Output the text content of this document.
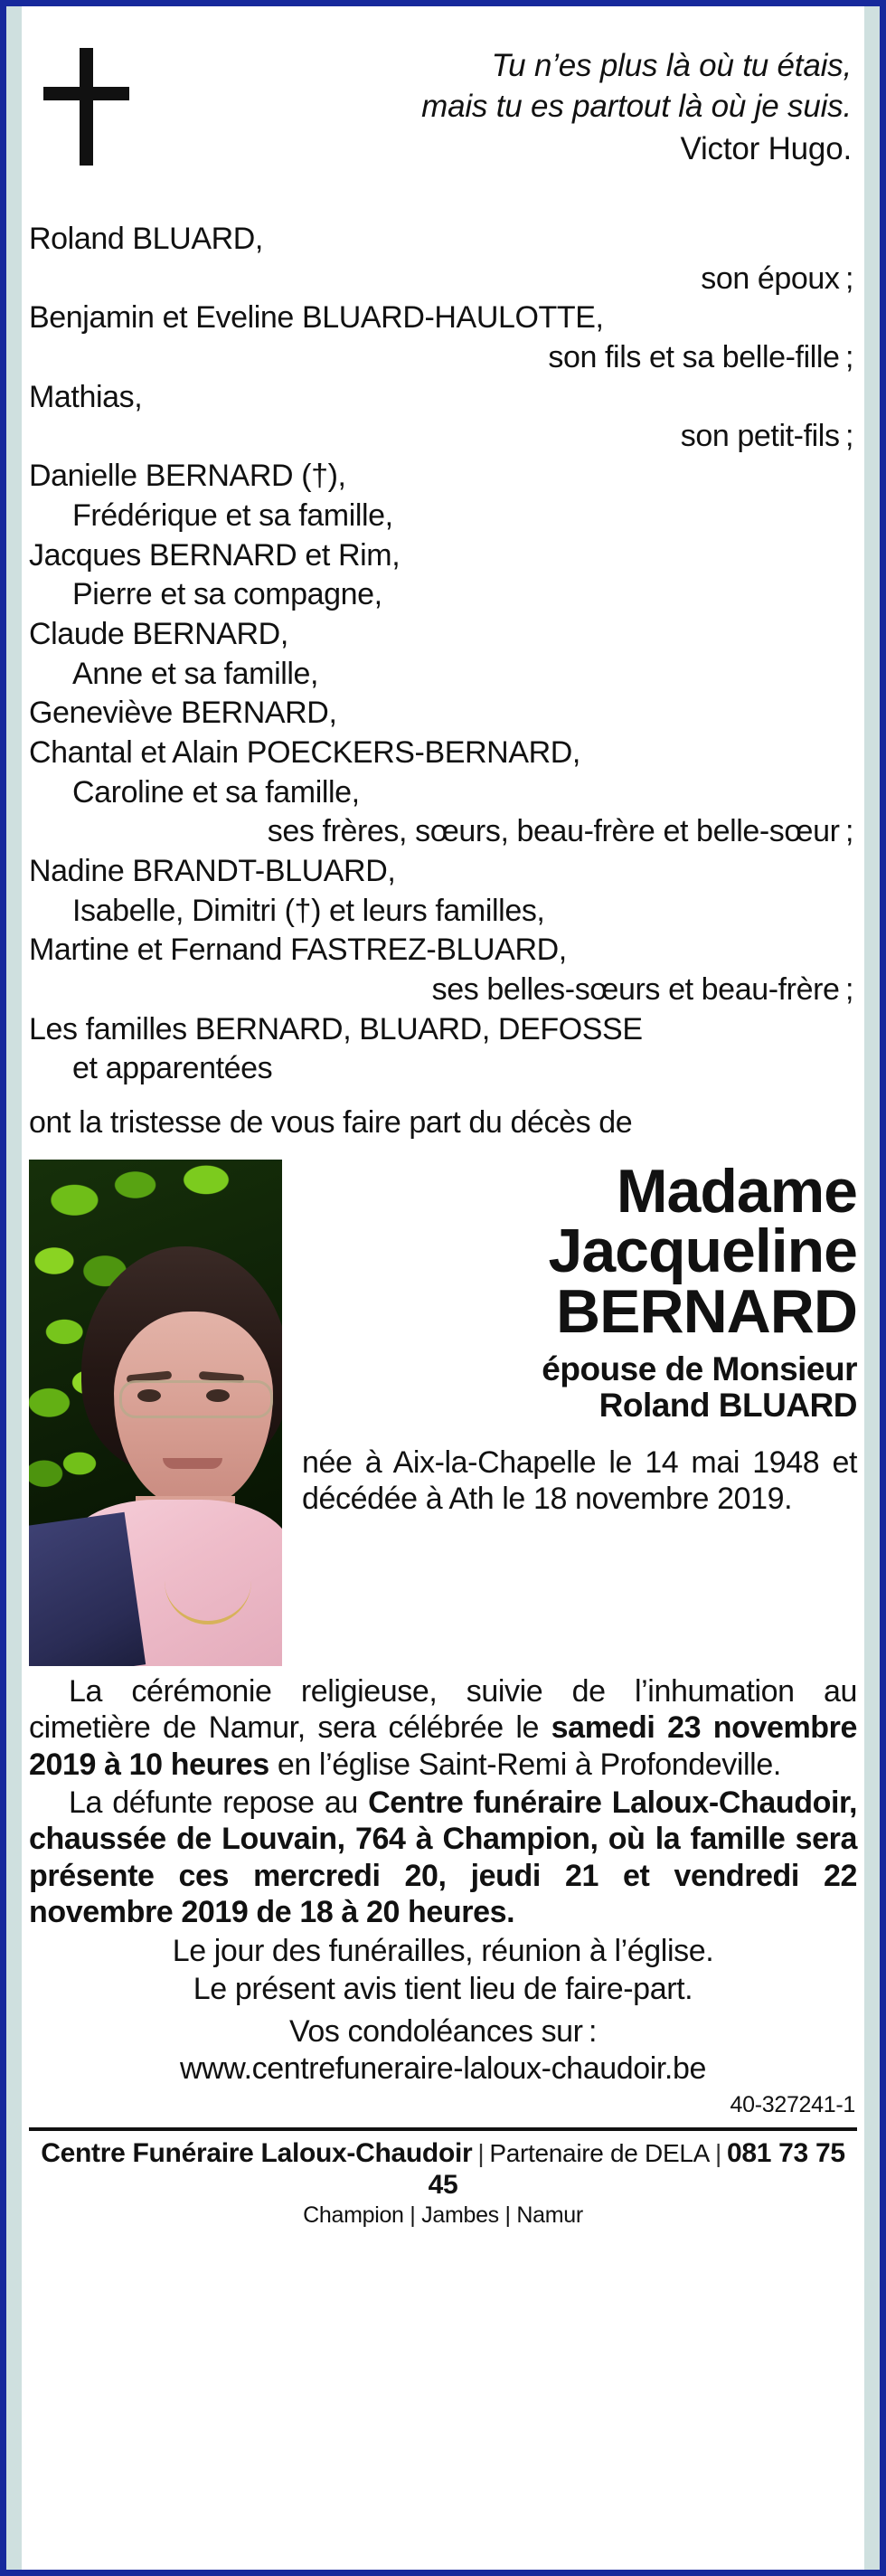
Tu n’es plus là où tu étais,
mais tu es partout là où je suis.
Victor Hugo.
Roland BLUARD,
son époux ;
Benjamin et Eveline BLUARD-HAULOTTE,
son fils et sa belle-fille ;
Mathias,
son petit-fils ;
Danielle BERNARD (†),
Frédérique et sa famille,
Jacques BERNARD et Rim,
Pierre et sa compagne,
Claude BERNARD,
Anne et sa famille,
Geneviève BERNARD,
Chantal et Alain POECKERS-BERNARD,
Caroline et sa famille,
ses frères, sœurs, beau-frère et belle-sœur ;
Nadine BRANDT-BLUARD,
Isabelle, Dimitri (†) et leurs familles,
Martine et Fernand FASTREZ-BLUARD,
ses belles-sœurs et beau-frère ;
Les familles BERNARD, BLUARD, DEFOSSE
et apparentées
ont la tristesse de vous faire part du décès de
Madame
Jacqueline
BERNARD
épouse de Monsieur
Roland BLUARD
née à Aix-la-Chapelle le 14 mai 1948 et décédée à Ath le 18 novembre 2019.

La cérémonie religieuse, suivie de l’inhumation au cimetière de Namur, sera célébrée le samedi 23 novembre 2019 à 10 heures en l’église Saint-Remi à Profondeville.

La défunte repose au Centre funéraire Laloux-Chaudoir, chaussée de Louvain, 764 à Champion, où la famille sera présente ces mercredi 20, jeudi 21 et vendredi 22 novembre 2019 de 18 à 20 heures.

Le jour des funérailles, réunion à l’église.

Le présent avis tient lieu de faire-part.

Vos condoléances sur :
www.centrefuneraire-laloux-chaudoir.be
40-327241-1
Centre Funéraire Laloux-Chaudoir | Partenaire de DELA | 081 73 75 45
Champion | Jambes | Namur
